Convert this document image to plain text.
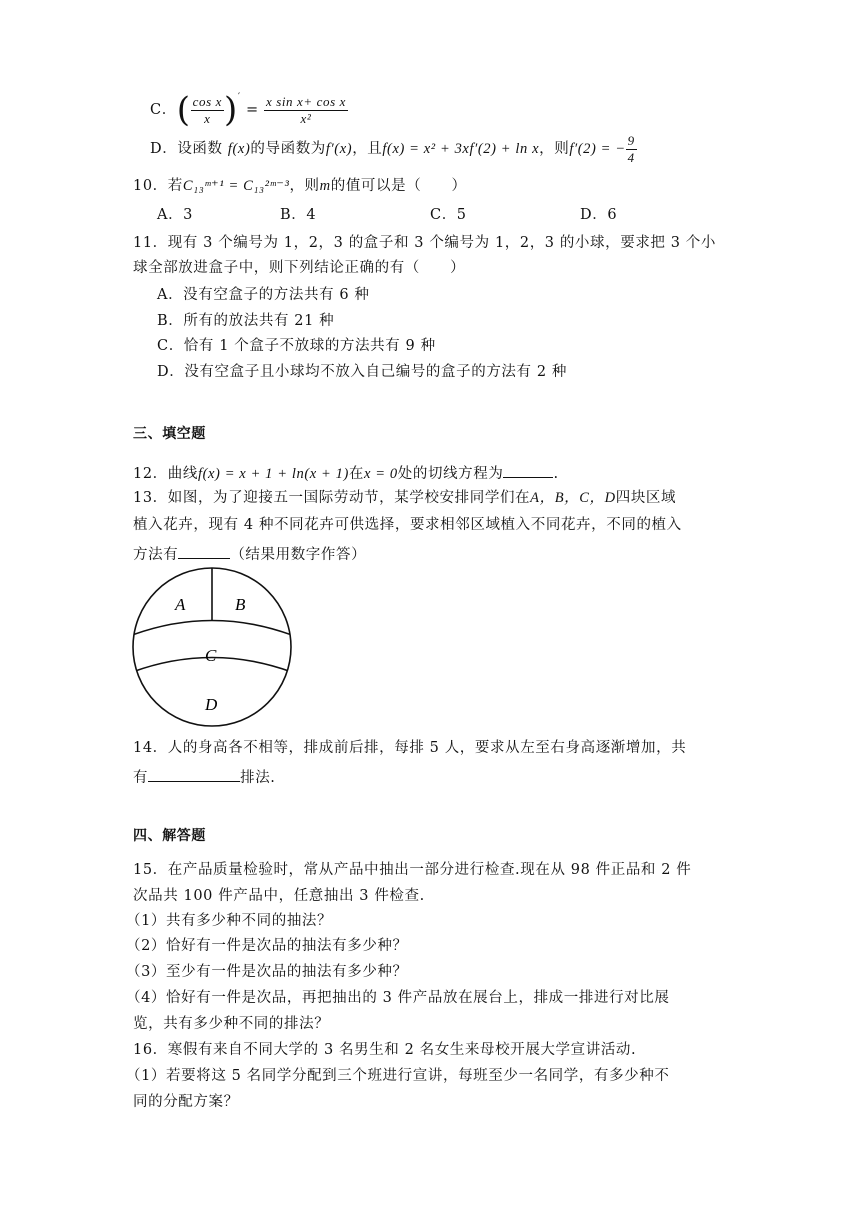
C．( $\frac{\text{cos x}}{x} )' = \frac{\text{x sin x+ cos x}}{\text{x²}}$
D．设函数 f(x)的导函数为f′(x)，且f(x) = x² + 3xf′(2) + ln x，则f′(2) = − $\frac{9}{4}$
10．若C₁₃ᵐ⁺¹ = C₁₃²ᵐ⁻³，则m的值可以是（　　）
A．3	B．4	C．5	D．6
11．现有 3 个编号为 1，2，3 的盒子和 3 个编号为 1，2，3 的小球，要求把 3 个小
球全部放进盒子中，则下列结论正确的有（　　）
A．没有空盒子的方法共有 6 种
B．所有的放法共有 21 种
C．恰有 1 个盒子不放球的方法共有 9 种
D．没有空盒子且小球均不放入自己编号的盒子的方法有 2 种
三、填空题
12．曲线f(x) = x + 1 + ln(x + 1)在x = 0处的切线方程为	.
13．如图，为了迎接五一国际劳动节，某学校安排同学们在A，B，C，D四块区域
植入花卉，现有 4 种不同花卉可供选择，要求相邻区域植入不同花卉，不同的植入
方法有	（结果用数字作答）
A	B
C
D
14．人的身高各不相等，排成前后排，每排 5 人，要求从左至右身高逐渐增加，共
有	排法.
四、解答题
15．在产品质量检验时，常从产品中抽出一部分进行检查.现在从 98 件正品和 2 件
次品共 100 件产品中，任意抽出 3 件检查.
（1）共有多少种不同的抽法？
（2）恰好有一件是次品的抽法有多少种？
（3）至少有一件是次品的抽法有多少种？
（4）恰好有一件是次品，再把抽出的 3 件产品放在展台上，排成一排进行对比展
览，共有多少种不同的排法？
16．寒假有来自不同大学的 3 名男生和 2 名女生来母校开展大学宣讲活动.
（1）若要将这 5 名同学分配到三个班进行宣讲，每班至少一名同学，有多少种不
同的分配方案？
